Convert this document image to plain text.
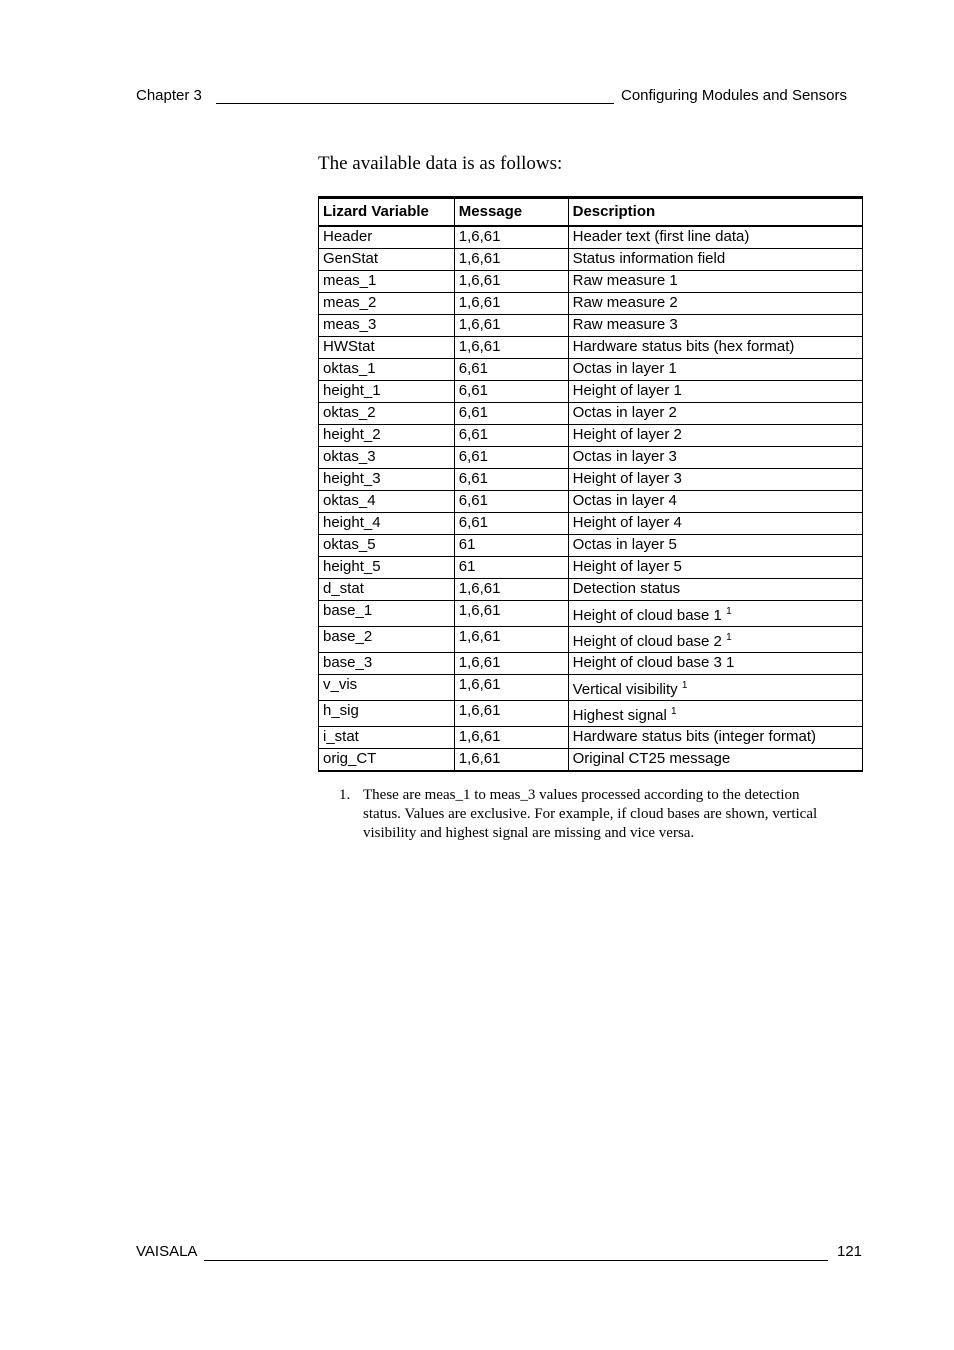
Chapter 3	Configuring Modules and Sensors
The available data is as follows:
Lizard Variable	Message	Description
Header	1,6,61	Header text (first line data)
GenStat	1,6,61	Status information field
meas_1	1,6,61	Raw measure 1
meas_2	1,6,61	Raw measure 2
meas_3	1,6,61	Raw measure 3
HWStat	1,6,61	Hardware status bits (hex format)
oktas_1	6,61	Octas in layer 1
height_1	6,61	Height of layer 1
oktas_2	6,61	Octas in layer 2
height_2	6,61	Height of layer 2
oktas_3	6,61	Octas in layer 3
height_3	6,61	Height of layer 3
oktas_4	6,61	Octas in layer 4
height_4	6,61	Height of layer 4
oktas_5	61	Octas in layer 5
height_5	61	Height of layer 5
d_stat	1,6,61	Detection status
base_1	1,6,61	Height of cloud base 1 $^1$
base_2	1,6,61	Height of cloud base 2 $^1$
base_3	1,6,61	Height of cloud base 3 1
v_vis	1,6,61	Vertical visibility $^1$
h_sig	1,6,61	Highest signal $^1$
i_stat	1,6,61	Hardware status bits (integer format)
orig_CT	1,6,61	Original CT25 message
1. These are meas_1 to meas_3 values processed according to the detection status. Values are exclusive. For example, if cloud bases are shown, vertical visibility and highest signal are missing and vice versa.
VAISALA	121
